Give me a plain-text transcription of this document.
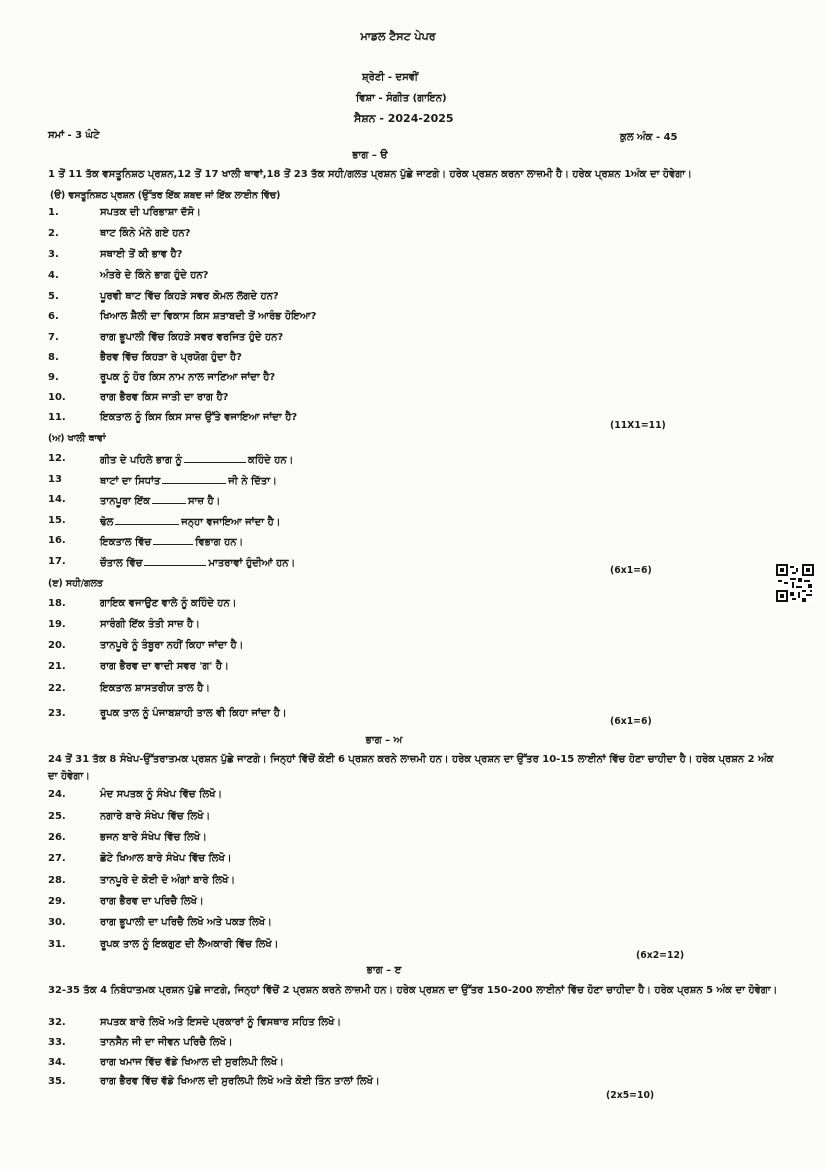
ਮਾਡਲ ਟੈਸਟ ਪੇਪਰ
ਸ਼੍ਰੇਣੀ - ਦਸਵੀਂ
ਵਿਸ਼ਾ - ਸੰਗੀਤ (ਗਾਇਨ)
ਸੈਸ਼ਨ - 2024-2025
ਸਮਾਂ - 3 ਘੰਟੇ	ਕੁਲ ਅੰਕ - 45
ਭਾਗ – ੳ
1 ਤੋਂ 11 ਤੱਕ ਵਸਤੂਨਿਸ਼ਠ ਪ੍ਰਸ਼ਨ,12 ਤੋਂ 17 ਖਾਲੀ ਥਾਵਾਂ,18 ਤੋਂ 23 ਤੱਕ ਸਹੀ/ਗਲਤ ਪ੍ਰਸ਼ਨ ਪੁੱਛੇ ਜਾਣਗੇ। ਹਰੇਕ ਪ੍ਰਸ਼ਨ ਕਰਨਾ ਲਾਜ਼ਮੀ ਹੈ। ਹਰੇਕ ਪ੍ਰਸ਼ਨ 1ਅੰਕ ਦਾ ਹੋਵੇਗਾ।
(ੳ) ਵਸਤੂਨਿਸ਼ਠ ਪ੍ਰਸ਼ਨ (ਉੱਤਰ ਇੱਕ ਸ਼ਬਦ ਜਾਂ ਇੱਕ ਲਾਈਨ ਵਿੱਚ)
1.	ਸਪਤਕ ਦੀ ਪਰਿਭਾਸ਼ਾ ਦੱਸੋ।
2.	ਥਾਟ ਕਿੰਨੇ ਮੰਨੇ ਗਏ ਹਨ?
3.	ਸਥਾਈ ਤੋਂ ਕੀ ਭਾਵ ਹੈ?
4.	ਅੰਤਰੇ ਦੇ ਕਿੰਨੇ ਭਾਗ ਹੁੰਦੇ ਹਨ?
5.	ਪੂਰਵੀ ਥਾਟ ਵਿੱਚ ਕਿਹੜੇ ਸਵਰ ਕੋਮਲ ਲੱਗਦੇ ਹਨ?
6.	ਖਿਆਲ ਸ਼ੈਲੀ ਦਾ ਵਿਕਾਸ ਕਿਸ ਸ਼ਤਾਬਦੀ ਤੋਂ ਆਰੰਭ ਹੋਇਆ?
7.	ਰਾਗ ਭੂਪਾਲੀ ਵਿੱਚ ਕਿਹੜੇ ਸਵਰ ਵਰਜਿਤ ਹੁੰਦੇ ਹਨ?
8.	ਭੈਰਵ ਵਿੱਚ ਕਿਹੜਾ ਰੇ ਪ੍ਰਯੋਗ ਹੁੰਦਾ ਹੈ?
9.	ਰੂਪਕ ਨੂੰ ਹੋਰ ਕਿਸ ਨਾਮ ਨਾਲ ਜਾਣਿਆ ਜਾਂਦਾ ਹੈ?
10.	ਰਾਗ ਭੈਰਵ ਕਿਸ ਜਾਤੀ ਦਾ ਰਾਗ ਹੈ?
11.	ਇਕਤਾਲ ਨੂੰ ਕਿਸ ਕਿਸ ਸਾਜ਼ ਉੱਤੇ ਵਜਾਇਆ ਜਾਂਦਾ ਹੈ?
(11X1=11)
(ਅ) ਖਾਲੀ ਥਾਵਾਂ
12.	ਗੀਤ ਦੇ ਪਹਿਲੇ ਭਾਗ ਨੂੰ	ਕਹਿੰਦੇ ਹਨ।
13	ਥਾਟਾਂ ਦਾ ਸਿਧਾਂਤ	ਜੀ ਨੇ ਦਿੱਤਾ।
14.	ਤਾਨਪੂਰਾ ਇੱਕ	ਸਾਜ਼ ਹੈ।
15.	ਢੋਲ	ਜਨ੍ਹਾ ਵਜਾਇਆ ਜਾਂਦਾ ਹੈ।
16.	ਇਕਤਾਲ ਵਿੱਚ	ਵਿਭਾਗ ਹਨ।
17.	ਚੌਤਾਲ ਵਿੱਚ	ਮਾਤਰਾਵਾਂ ਹੁੰਦੀਆਂ ਹਨ।
(6x1=6)
(ੲ) ਸਹੀ/ਗਲਤ
18.	ਗਾਇਕ ਵਜਾਉਣ ਵਾਲੇ ਨੂੰ ਕਹਿੰਦੇ ਹਨ।
19.	ਸਾਰੰਗੀ ਇੱਕ ਤੰਤੀ ਸਾਜ਼ ਹੈ।
20.	ਤਾਨਪੂਰੇ ਨੂੰ ਤੰਬੂਰਾ ਨਹੀਂ ਕਿਹਾ ਜਾਂਦਾ ਹੈ।
21.	ਰਾਗ ਭੈਰਵ ਦਾ ਵਾਦੀ ਸਵਰ 'ਗ' ਹੈ।
22.	ਇਕਤਾਲ ਸ਼ਾਸਤਰੀਯ ਤਾਲ ਹੈ।
23.	ਰੂਪਕ ਤਾਲ ਨੂੰ ਪੰਜਾਬਸ਼ਾਹੀ ਤਾਲ ਵੀ ਕਿਹਾ ਜਾਂਦਾ ਹੈ।
(6x1=6)
ਭਾਗ – ਅ
24 ਤੋਂ 31 ਤੱਕ 8 ਸੰਖੇਪ-ਉੱਤਰਾਤਮਕ ਪ੍ਰਸ਼ਨ ਪੁੱਛੇ ਜਾਣਗੇ। ਜਿਨ੍ਹਾਂ ਵਿੱਚੋਂ ਕੋਈ 6 ਪ੍ਰਸ਼ਨ ਕਰਨੇ ਲਾਜ਼ਮੀ ਹਨ। ਹਰੇਕ ਪ੍ਰਸ਼ਨ ਦਾ ਉੱਤਰ 10-15 ਲਾਈਨਾਂ ਵਿੱਚ ਹੋਣਾ ਚਾਹੀਦਾ ਹੈ। ਹਰੇਕ ਪ੍ਰਸ਼ਨ 2 ਅੰਕ ਦਾ ਹੋਵੇਗਾ।
24.	ਮੰਦ ਸਪਤਕ ਨੂੰ ਸੰਖੇਪ ਵਿੱਚ ਲਿਖੋ।
25.	ਨਗਾਰੇ ਬਾਰੇ ਸੰਖੇਪ ਵਿੱਚ ਲਿਖੋ।
26.	ਭਜਨ ਬਾਰੇ ਸੰਖੇਪ ਵਿੱਚ ਲਿਖੋ।
27.	ਛੋਟੇ ਖਿਆਲ ਬਾਰੇ ਸੰਖੇਪ ਵਿੱਚ ਲਿਖੋ।
28.	ਤਾਨਪੂਰੇ ਦੇ ਕੋਈ ਦੋ ਅੰਗਾਂ ਬਾਰੇ ਲਿਖੋ।
29.	ਰਾਗ ਭੈਰਵ ਦਾ ਪਰਿਚੈ ਲਿਖੋ।
30.	ਰਾਗ ਭੂਪਾਲੀ ਦਾ ਪਰਿਚੈ ਲਿਖੋ ਅਤੇ ਪਕੜ ਲਿਖੋ।
31.	ਰੂਪਕ ਤਾਲ ਨੂੰ ਇਕਗੁਣ ਦੀ ਲੈਅਕਾਰੀ ਵਿੱਚ ਲਿਖੋ।
(6x2=12)
ਭਾਗ – ੲ
32-35 ਤੱਕ 4 ਨਿਬੰਧਾਤਮਕ ਪ੍ਰਸ਼ਨ ਪੁੱਛੇ ਜਾਣਗੇ, ਜਿਨ੍ਹਾਂ ਵਿੱਚੋਂ 2 ਪ੍ਰਸ਼ਨ ਕਰਨੇ ਲਾਜ਼ਮੀ ਹਨ। ਹਰੇਕ ਪ੍ਰਸ਼ਨ ਦਾ ਉੱਤਰ 150-200 ਲਾਈਨਾਂ ਵਿੱਚ ਹੋਣਾ ਚਾਹੀਦਾ ਹੈ। ਹਰੇਕ ਪ੍ਰਸ਼ਨ 5 ਅੰਕ ਦਾ ਹੋਵੇਗਾ।
32.	ਸਪਤਕ ਬਾਰੇ ਲਿਖੋ ਅਤੇ ਇਸਦੇ ਪ੍ਰਕਾਰਾਂ ਨੂੰ ਵਿਸਥਾਰ ਸਹਿਤ ਲਿਖੋ।
33.	ਤਾਨਸੈਨ ਜੀ ਦਾ ਜੀਵਨ ਪਰਿਚੈ ਲਿਖੋ।
34.	ਰਾਗ ਖਮਾਜ ਵਿੱਚ ਵੱਡੇ ਖਿਆਲ ਦੀ ਸੁਰਲਿਪੀ ਲਿਖੋ।
35.	ਰਾਗ ਭੈਰਵ ਵਿੱਚ ਵੱਡੇ ਖਿਆਲ ਦੀ ਸੁਰਲਿਪੀ ਲਿਖੋ ਅਤੇ ਕੋਈ ਤਿੰਨ ਤਾਲਾਂ ਲਿਖੋ।
(2x5=10)
